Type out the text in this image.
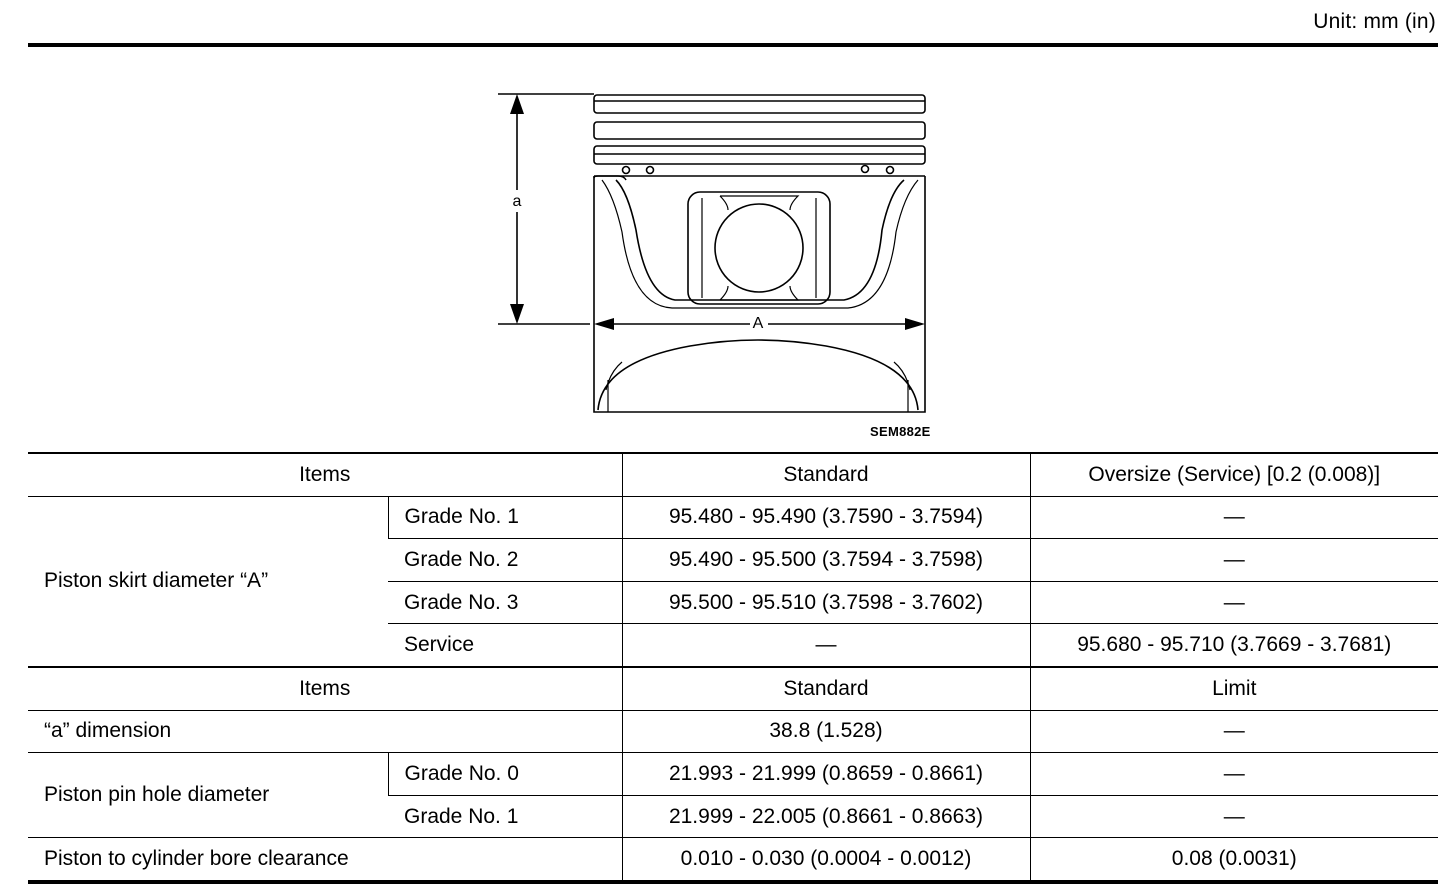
Unit: mm (in)
a
A
SEM882E
Items		Standard	Oversize (Service) [0.2 (0.008)]
Piston skirt diameter “A”	Grade No. 1	95.480 - 95.490 (3.7590 - 3.7594)	—
	Grade No. 2	95.490 - 95.500 (3.7594 - 3.7598)	—
	Grade No. 3	95.500 - 95.510 (3.7598 - 3.7602)	—
	Service	—	95.680 - 95.710 (3.7669 - 3.7681)
Items		Standard	Limit
“a” dimension		38.8 (1.528)	—
Piston pin hole diameter	Grade No. 0	21.993 - 21.999 (0.8659 - 0.8661)	—
	Grade No. 1	21.999 - 22.005 (0.8661 - 0.8663)	—
Piston to cylinder bore clearance		0.010 - 0.030 (0.0004 - 0.0012)	0.08 (0.0031)
